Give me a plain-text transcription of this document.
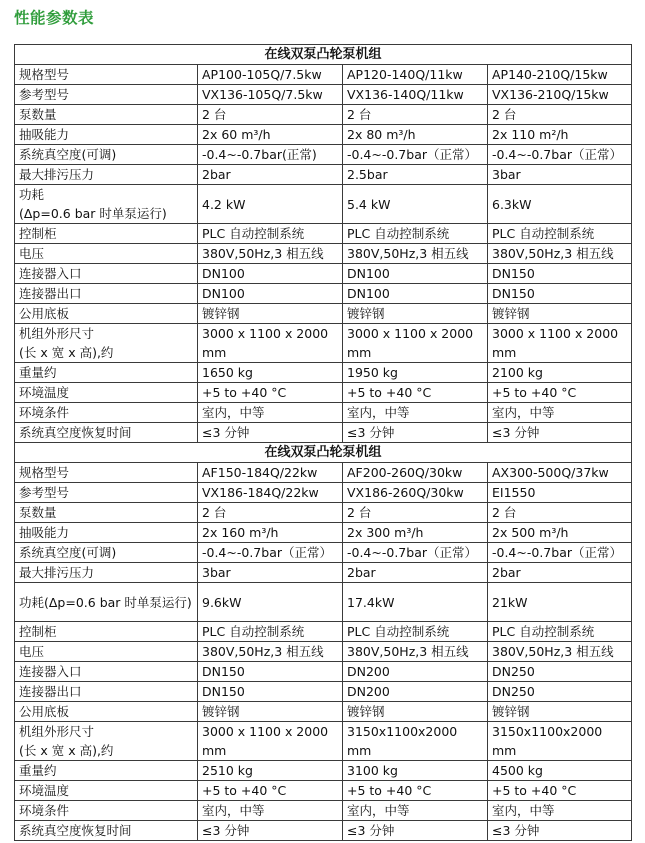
性能参数表
在线双泵凸轮泵机组			
规格型号	AP100-105Q/7.5kw	AP120-140Q/11kw	AP140-210Q/15kw
参考型号	VX136-105Q/7.5kw	VX136-140Q/11kw	VX136-210Q/15kw
泵数量	2 台	2 台	2 台
抽吸能力	2x 60 m³/h	2x 80 m³/h	2x 110 m²/h
系统真空度(可调)	-0.4~-0.7bar(正常)	-0.4~-0.7bar（正常）	-0.4~-0.7bar（正常）
最大排污压力	2bar	2.5bar	3bar
功耗
(Δp=0.6 bar 时单泵运行)	4.2 kW	5.4 kW	6.3kW
控制柜	PLC 自动控制系统	PLC 自动控制系统	PLC 自动控制系统
电压	380V,50Hz,3 相五线	380V,50Hz,3 相五线	380V,50Hz,3 相五线
连接器入口	DN100	DN100	DN150
连接器出口	DN100	DN100	DN150
公用底板	镀锌钢	镀锌钢	镀锌钢
机组外形尺寸
(长 x 宽 x 高),约	3000 x 1100 x 2000 mm	3000 x 1100 x 2000 mm	3000 x 1100 x 2000 mm
重量约	1650 kg	1950 kg	2100 kg
环境温度	+5 to +40 °C	+5 to +40 °C	+5 to +40 °C
环境条件	室内，中等	室内，中等	室内，中等
系统真空度恢复时间	≤3 分钟	≤3 分钟	≤3 分钟
在线双泵凸轮泵机组			
规格型号	AF150-184Q/22kw	AF200-260Q/30kw	AX300-500Q/37kw
参考型号	VX186-184Q/22kw	VX186-260Q/30kw	EI1550
泵数量	2 台	2 台	2 台
抽吸能力	2x 160 m³/h	2x 300 m³/h	2x 500 m³/h
系统真空度(可调)	-0.4~-0.7bar（正常）	-0.4~-0.7bar（正常）	-0.4~-0.7bar（正常）
最大排污压力	3bar	2bar	2bar
功耗(Δp=0.6 bar 时单泵运行)	9.6kW	17.4kW	21kW
控制柜	PLC 自动控制系统	PLC 自动控制系统	PLC 自动控制系统
电压	380V,50Hz,3 相五线	380V,50Hz,3 相五线	380V,50Hz,3 相五线
连接器入口	DN150	DN200	DN250
连接器出口	DN150	DN200	DN250
公用底板	镀锌钢	镀锌钢	镀锌钢
机组外形尺寸
(长 x 宽 x 高),约	3000 x 1100 x 2000 mm	3150x1100x2000 mm	3150x1100x2000 mm
重量约	2510 kg	3100 kg	4500 kg
环境温度	+5 to +40 °C	+5 to +40 °C	+5 to +40 °C
环境条件	室内，中等	室内，中等	室内，中等
系统真空度恢复时间	≤3 分钟	≤3 分钟	≤3 分钟
